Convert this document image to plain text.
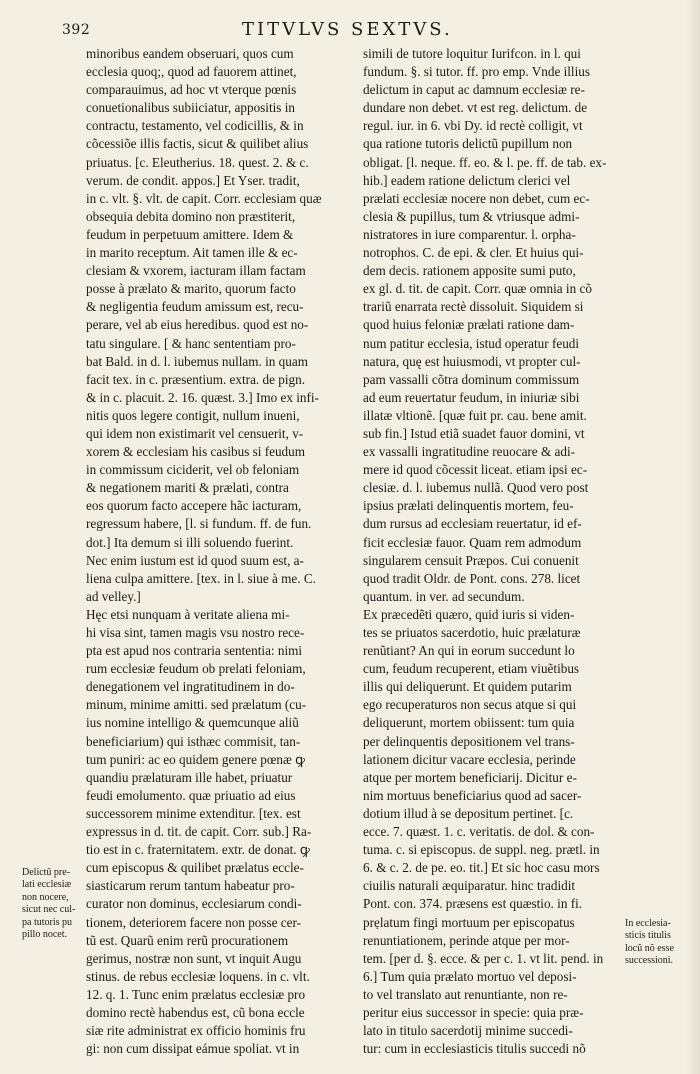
392	TITVLVS SEXTVS.
minoribus eandem obseruari, quos cum
ecclesia quoq;, quod ad fauorem attinet,
comparauimus, ad hoc vt vterque pœnis
conuetionalibus subiiciatur, appositis in
contractu, testamento, vel codicillis, & in
cõcessiõe illis factis, sicut & quilibet alius
priuatus. [c. Eleutherius. 18. quest. 2. & c.
verum. de condit. appos.] Et Yser. tradit,
in c. vlt. §. vlt. de capit. Corr. ecclesiam quæ
obsequia debita domino non præstiterit,
feudum in perpetuum amittere. Idem &
in marito receptum. Ait tamen ille & ec-
clesiam & vxorem, iacturam illam factam
posse à prælato & marito, quorum facto
& negligentia feudum amissum est, recu-
perare, vel ab eius heredibus. quod est no-
tatu singulare. [ & hanc sententiam pro-
bat Bald. in d. l. iubemus nullam. in quam
facit tex. in c. præsentium. extra. de pign.
& in c. placuit. 2. 16. quæst. 3.] Imo ex infi-
nitis quos legere contigit, nullum inueni,
qui idem non existimarit vel censuerit, v-
xorem & ecclesiam his casibus si feudum
in commissum ciciderit, vel ob feloniam
& negationem mariti & prælati, contra
eos quorum facto accepere hãc iacturam,
regressum habere, [l. si fundum. ff. de fun.
dot.] Ita demum si illi soluendo fuerint.
Nec enim iustum est id quod suum est, a-
liena culpa amittere. [tex. in l. siue à me. C.
ad velley.]
Hęc etsi nunquam à veritate aliena mi-
hi visa sint, tamen magis vsu nostro rece-
pta est apud nos contraria sententia: nimi
rum ecclesiæ feudum ob prelati feloniam,
denegationem vel ingratitudinem in do-
minum, minime amitti. sed prælatum (cu-
ius nomine intelligo & quemcunque aliũ
beneficiarium) qui isthæc commisit, tan-
tum puniri: ac eo quidem genere pœnæ ꝙ
quandiu prælaturam ille habet, priuatur
feudi emolumento. quæ priuatio ad eius
successorem minime extenditur. [tex. est
expressus in d. tit. de capit. Corr. sub.] Ra-
tio est in c. fraternitatem. extr. de donat. ꝙ
cum episcopus & quilibet prælatus eccle-
siasticarum rerum tantum habeatur pro-
curator non dominus, ecclesiarum condi-
tionem, deteriorem facere non posse cer-
tũ est. Quarũ enim rerũ procurationem
gerimus, nostræ non sunt, vt inquit Augu
stinus. de rebus ecclesiæ loquens. in c. vlt.
12. q. 1. Tunc enim prælatus ecclesiæ pro
domino rectè habendus est, cũ bona eccle
siæ rite administrat ex officio hominis fru
gi: non cum dissipat eámue spoliat. vt in
simili de tutore loquitur Iurifcon. in l. qui
fundum. §. si tutor. ff. pro emp. Vnde illius
delictum in caput ac damnum ecclesiæ re-
dundare non debet. vt est reg. delictum. de
regul. iur. in 6. vbi Dy. id rectè colligit, vt
qua ratione tutoris delictũ pupillum non
obligat. [l. neque. ff. eo. & l. pe. ff. de tab. ex-
hib.] eadem ratione delictum clerici vel
prælati ecclesiæ nocere non debet, cum ec-
clesia & pupillus, tum & vtriusque admi-
nistratores in iure comparentur. l. orpha-
notrophos. C. de epi. & cler. Et huius qui-
dem decis. rationem apposite sumi puto,
ex gl. d. tit. de capit. Corr. quæ omnia in cõ
trariũ enarrata rectè dissoluit. Siquidem si
quod huius feloniæ prælati ratione dam-
num patitur ecclesia, istud operatur feudi
natura, quę est huiusmodi, vt propter cul-
pam vassalli cõtra dominum commissum
ad eum reuertatur feudum, in iniuriæ sibi
illatæ vltionẽ. [quæ fuit pr. cau. bene amit.
sub fin.] Istud etiã suadet fauor domini, vt
ex vassalli ingratitudine reuocare & adi-
mere id quod cõcessit liceat. etiam ipsi ec-
clesiæ. d. l. iubemus nullã. Quod vero post
ipsius prælati delinquentis mortem, feu-
dum rursus ad ecclesiam reuertatur, id ef-
ficit ecclesiæ fauor. Quam rem admodum
singularem censuit Præpos. Cui conuenit
quod tradit Oldr. de Pont. cons. 278. licet
quantum. in ver. ad secundum.
Ex præcedẽti quæro, quid iuris si viden-
tes se priuatos sacerdotio, huic prælaturæ
renũtiant? An qui in eorum succedunt lo
cum, feudum recuperent, etiam viuẽtibus
illis qui deliquerunt. Et quidem putarim
ego recuperaturos non secus atque si qui
deliquerunt, mortem obiissent: tum quia
per delinquentis depositionem vel trans-
lationem dicitur vacare ecclesia, perinde
atque per mortem beneficiarij. Dicitur e-
nim mortuus beneficiarius quod ad sacer-
dotium illud à se depositum pertinet. [c.
ecce. 7. quæst. 1. c. veritatis. de dol. & con-
tuma. c. si episcopus. de suppl. neg. prætl. in
6. & c. 2. de pe. eo. tit.] Et sic hoc casu mors
ciuilis naturali æquiparatur. hinc tradidit
Pont. con. 374. præsens est quæstio. in fi.
prẹlatum fingi mortuum per episcopatus
renuntiationem, perinde atque per mor-
tem. [per d. §. ecce. & per c. 1. vt lit. pend. in
6.] Tum quia prælato mortuo vel deposi-
to vel translato aut renuntiante, non re-
peritur eius successor in specie: quia præ-
lato in titulo sacerdotij minime succedi-
tur: cum in ecclesiasticis titulis succedi nõ
Delictũ pre-
lati ecclesiæ
non nocere,
sicut nec cul-
pa tutoris pu
pillo nocet.
In ecclesia-
sticis titulis
locũ nõ esse
successioni.
